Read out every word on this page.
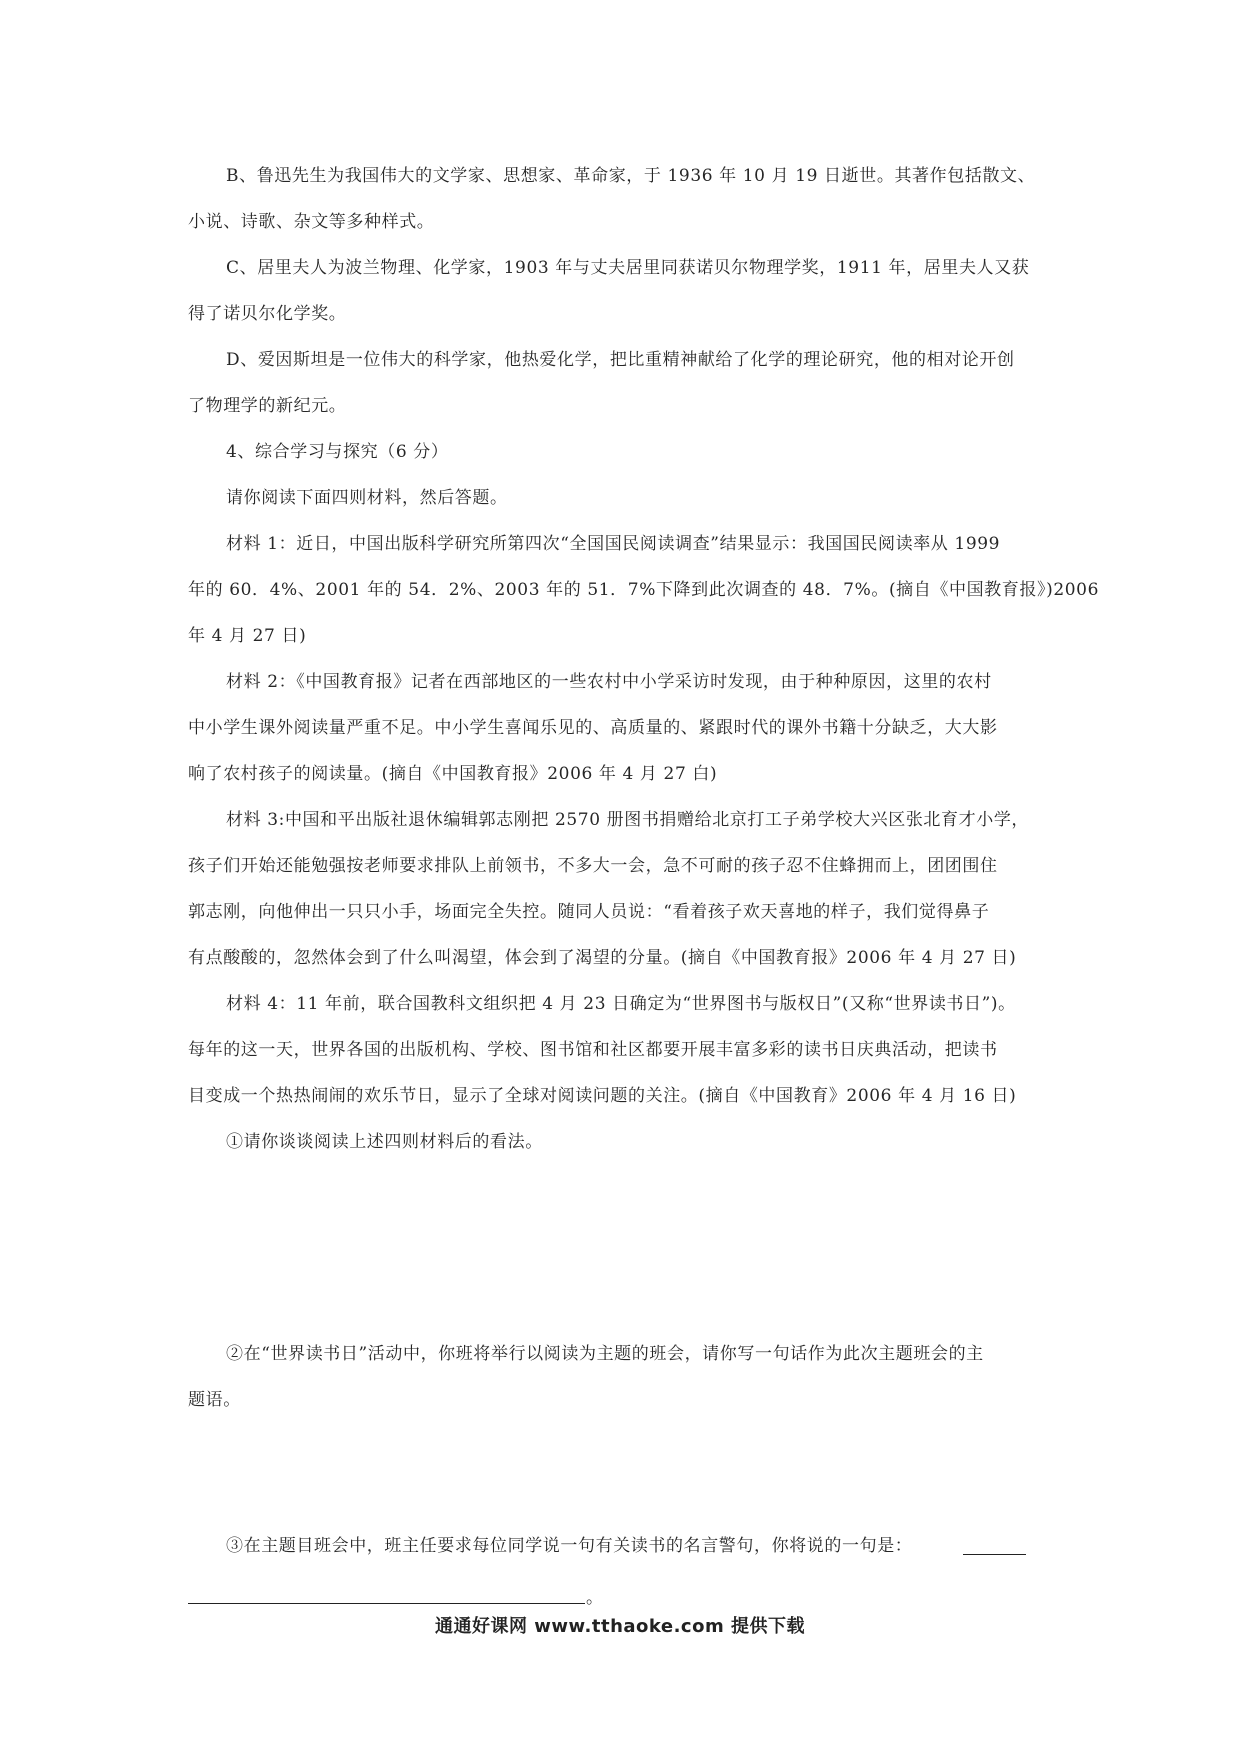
B、鲁迅先生为我国伟大的文学家、思想家、革命家，于 1936 年 10 月 19 日逝世。其著作包括散文、
小说、诗歌、杂文等多种样式。
C、居里夫人为波兰物理、化学家，1903 年与丈夫居里同获诺贝尔物理学奖，1911 年，居里夫人又获
得了诺贝尔化学奖。
D、爱因斯坦是一位伟大的科学家，他热爱化学，把比重精神献给了化学的理论研究，他的相对论开创
了物理学的新纪元。
4、综合学习与探究（6 分）
请你阅读下面四则材料，然后答题。
材料 1：近日，中国出版科学研究所第四次“全国国民阅读调查”结果显示：我国国民阅读率从 1999
年的 60．4%、2001 年的 54．2%、2003 年的 51．7%下降到此次调查的 48．7%。(摘自《中国教育报》)2006
年 4 月 27 日)
材料 2：《中国教育报》记者在西部地区的一些农村中小学采访时发现，由于种种原因，这里的农村
中小学生课外阅读量严重不足。中小学生喜闻乐见的、高质量的、紧跟时代的课外书籍十分缺乏，大大影
响了农村孩子的阅读量。(摘自《中国教育报》2006 年 4 月 27 白)
材料 3:中国和平出版社退休编辑郭志刚把 2570 册图书捐赠给北京打工子弟学校大兴区张北育才小学，
孩子们开始还能勉强按老师要求排队上前领书，不多大一会，急不可耐的孩子忍不住蜂拥而上，团团围住
郭志刚，向他伸出一只只小手，场面完全失控。随同人员说：“看着孩子欢天喜地的样子，我们觉得鼻子
有点酸酸的，忽然体会到了什么叫渴望，体会到了渴望的分量。(摘自《中国教育报》2006 年 4 月 27 日)
材料 4：11 年前，联合国教科文组织把 4 月 23 日确定为“世界图书与版权日”(又称“世界读书日”)。
每年的这一天，世界各国的出版机构、学校、图书馆和社区都要开展丰富多彩的读书日庆典活动，把读书
目变成一个热热闹闹的欢乐节日，显示了全球对阅读问题的关注。(摘自《中国教育》2006 年 4 月 16 日)
①请你谈谈阅读上述四则材料后的看法。
②在“世界读书日”活动中，你班将举行以阅读为主题的班会，请你写一句话作为此次主题班会的主
题语。
③在主题目班会中，班主任要求每位同学说一句有关读书的名言警句，你将说的一句是：
。
通通好课网 www.tthaoke.com 提供下载
